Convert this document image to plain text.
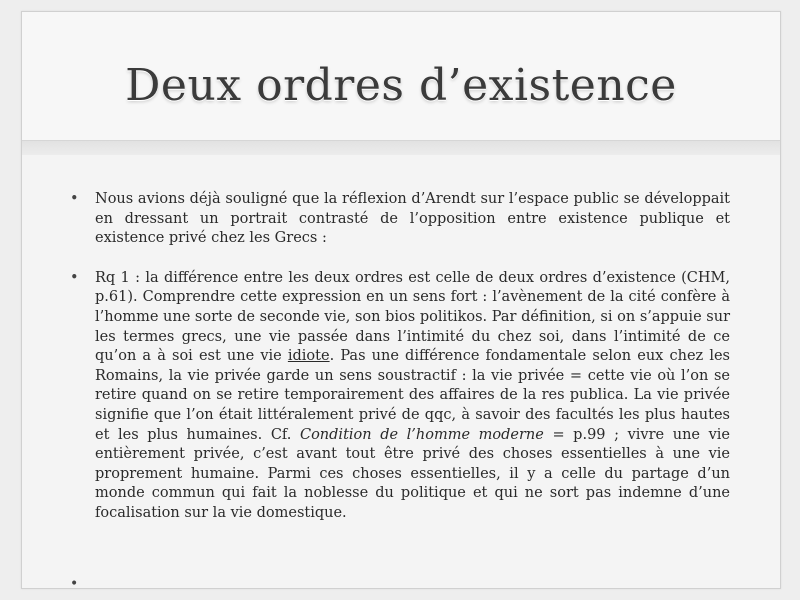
Deux ordres d’existence
• Nous avions déjà souligné que la réflexion d’Arendt sur l’espace public se développait en dressant un portrait contrasté de l’opposition entre existence publique et existence privé chez les Grecs :
• Rq 1 : la différence entre les deux ordres est celle de deux ordres d’existence (CHM, p.61). Comprendre cette expression en un sens fort : l’avènement de la cité confère à l’homme une sorte de seconde vie, son bios politikos. Par définition, si on s’appuie sur les termes grecs, une vie passée dans l’intimité du chez soi, dans l’intimité de ce qu’on a à soi est une vie idiote. Pas une différence fondamentale selon eux chez les Romains, la vie privée garde un sens soustractif : la vie privée = cette vie où l’on se retire quand on se retire temporairement des affaires de la res publica. La vie privée signifie que l’on était littéralement privé de qqc, à savoir des facultés les plus hautes et les plus humaines. Cf. Condition de l’homme moderne = p.99 ; vivre une vie entièrement privée, c’est avant tout être privé des choses essentielles à une vie proprement humaine. Parmi ces choses essentielles, il y a celle du partage d’un monde commun qui fait la noblesse du politique et qui ne sort pas indemne d’une focalisation sur la vie domestique.
•
